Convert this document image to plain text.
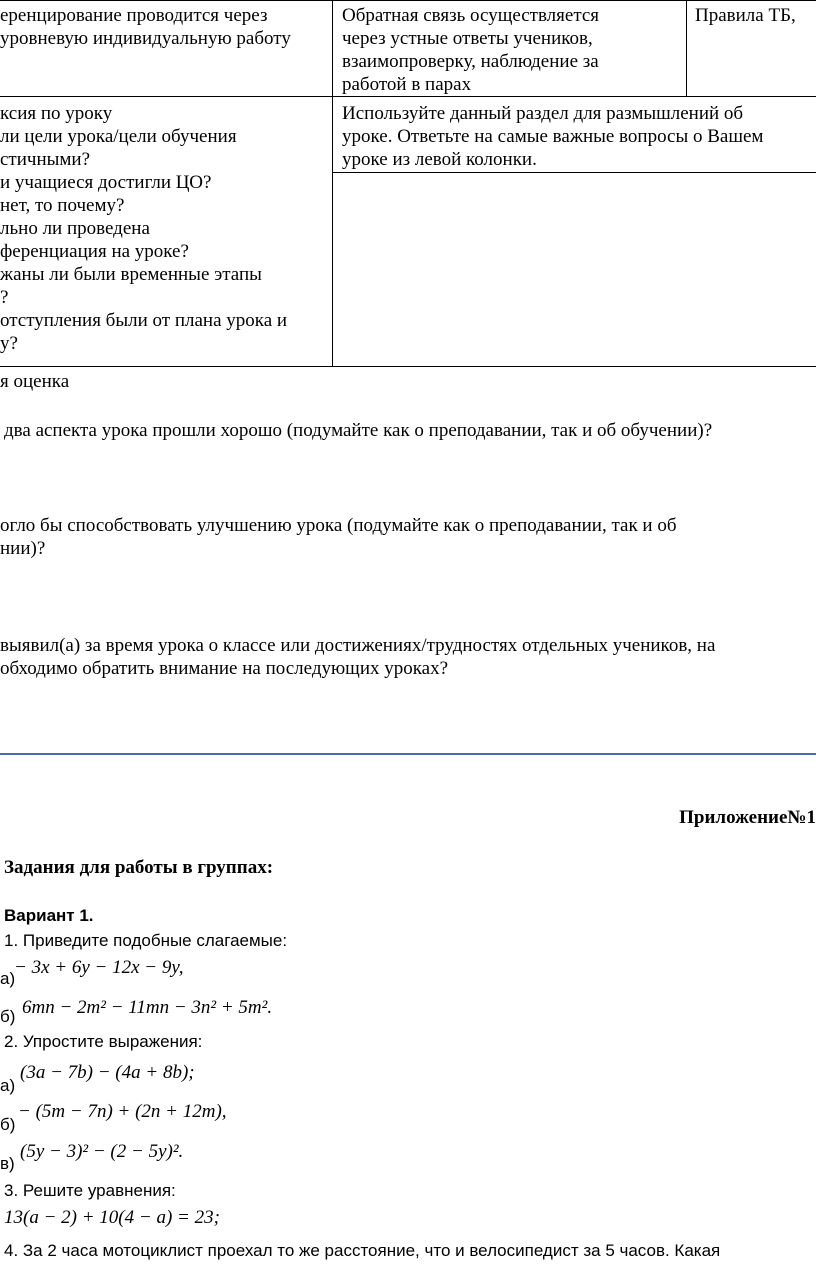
еренцирование проводится через
уровневую индивидуальную работу
Обратная связь осуществляется
через устные ответы учеников,
взаимопроверку, наблюдение за
работой в парах
Правила ТБ,
ксия по уроку
ли цели урока/цели обучения
стичными?
и учащиеся достигли ЦО?
нет, то почему?
льно ли проведена
ференциация на уроке?
жаны ли были временные этапы
?
отступления были от плана урока и
у?
Используйте данный раздел для размышлений об
уроке. Ответьте на самые важные вопросы о Вашем
уроке из левой колонки.
я оценка
два аспекта урока прошли хорошо (подумайте как о преподавании, так и об обучении)?
огло бы способствовать улучшению урока (подумайте как о преподавании, так и об
нии)?
выявил(а) за время урока о классе или достижениях/трудностях отдельных учеников, на
обходимо обратить внимание на последующих уроках?
Приложение№1
Задания для работы в группах:
Вариант 1.
1. Приведите подобные слагаемые:
а)
− 3x + 6y − 12x − 9y,
б) 6mn − 2m² − 11mn − 3n² + 5m².
2. Упростите выражения:
а)
(3a − 7b) − (4a + 8b);
б)
− (5m − 7n) + (2n + 12m),
в)
(5y − 3)² − (2 − 5y)².
3. Решите уравнения:
13(a − 2) + 10(4 − a) = 23;
4. За 2 часа мотоциклист проехал то же расстояние, что и велосипедист за 5 часов. Какая
